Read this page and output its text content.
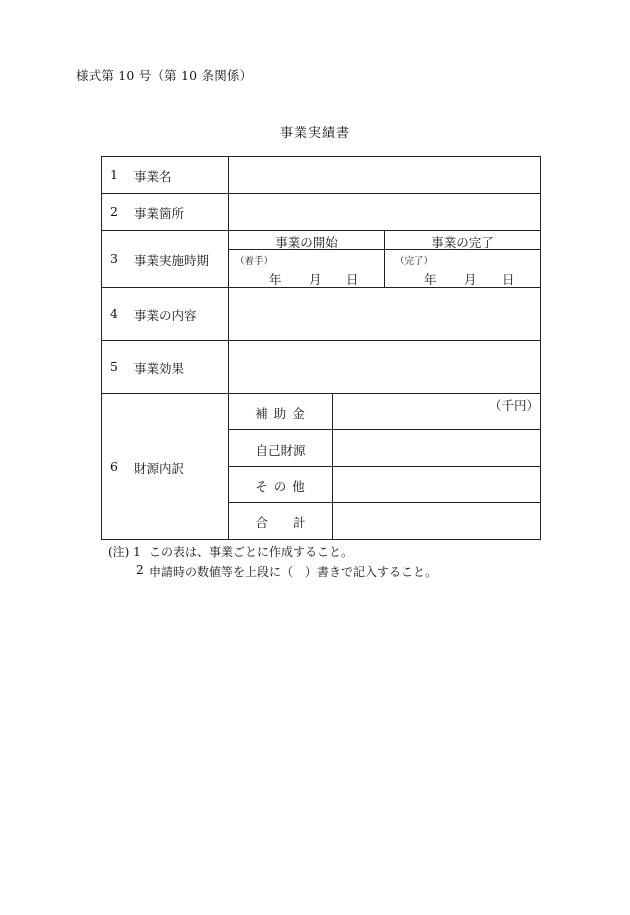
様式第 10 号（第 10 条関係）
事業実績書
1 事業名
2 事業箇所
3 事業実施時期
4 事業の内容
5 事業効果
6 財源内訳
事業の開始	事業の完了
（着手）
年 月 日
（完了）
年 月 日
補 助 金
自己財源
そ の 他
合　　計
（千円）
(注) 1 この表は、事業ごとに作成すること。
2 申請時の数値等を上段に（　）書きで記入すること。
